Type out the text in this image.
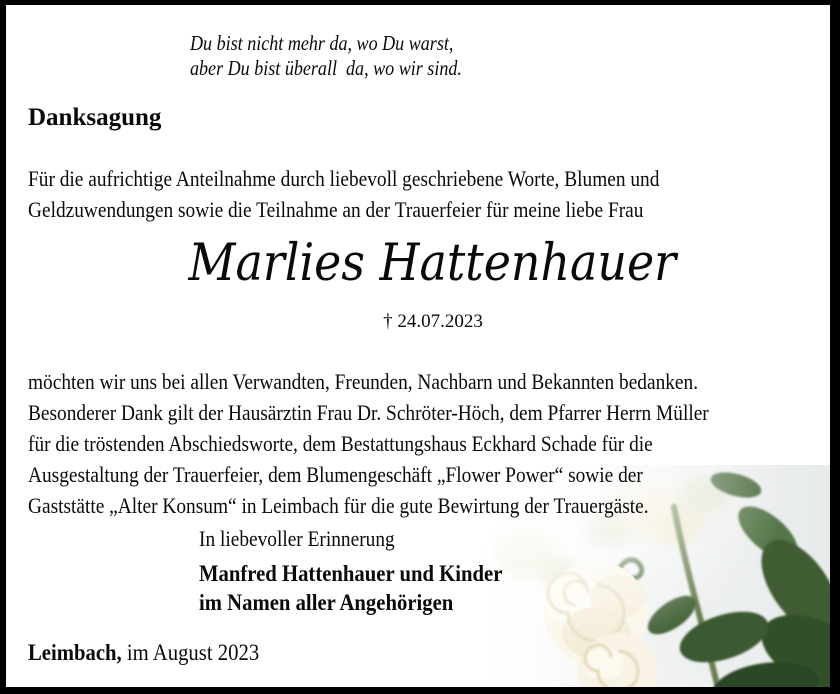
Du bist nicht mehr da, wo Du warst,
aber Du bist überall  da, wo wir sind.
Danksagung
Für die aufrichtige Anteilnahme durch liebevoll geschriebene Worte, Blumen und
Geldzuwendungen sowie die Teilnahme an der Trauerfeier für meine liebe Frau
Marlies Hattenhauer
† 24.07.2023
möchten wir uns bei allen Verwandten, Freunden, Nachbarn und Bekannten bedanken.
Besonderer Dank gilt der Hausärztin Frau Dr. Schröter-Höch, dem Pfarrer Herrn Müller
für die tröstenden Abschiedsworte, dem Bestattungshaus Eckhard Schade für die
Ausgestaltung der Trauerfeier, dem Blumengeschäft „Flower Power“ sowie der
Gaststätte „Alter Konsum“ in Leimbach für die gute Bewirtung der Trauergäste.
In liebevoller Erinnerung
Manfred Hattenhauer und Kinder
im Namen aller Angehörigen
Leimbach, im August 2023
